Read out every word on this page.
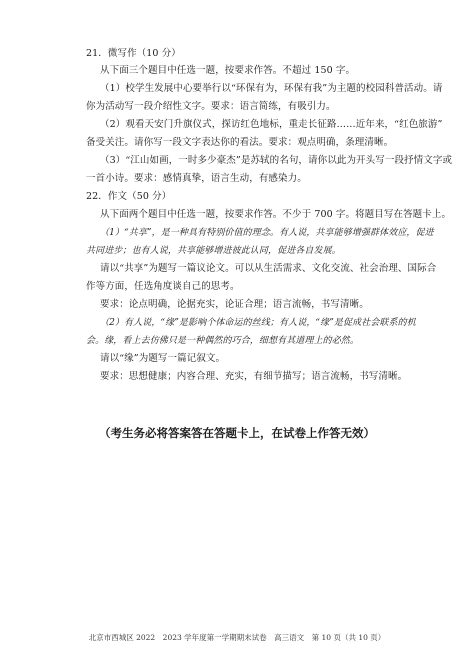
21．微写作（10 分）
从下面三个题目中任选一题，按要求作答。不超过 150 字。
（1）校学生发展中心要举行以“环保有为，环保有我”为主题的校园科普活动。请
你为活动写一段介绍性文字。要求：语言简练，有吸引力。
（2）观看天安门升旗仪式，探访红色地标，重走长征路……近年来，“红色旅游”
备受关注。请你写一段文字表达你的看法。要求：观点明确，条理清晰。
（3）“江山如画，一时多少豪杰”是苏轼的名句，请你以此为开头写一段抒情文字或
一首小诗。要求：感情真挚，语言生动，有感染力。
22．作文（50 分）
从下面两个题目中任选一题，按要求作答。不少于 700 字。将题目写在答题卡上。
（1）“共享”，是一种具有特别价值的理念。有人说，共享能够增强群体效应，促进
共同进步；也有人说，共享能够增进彼此认同，促进各自发展。
请以“共享”为题写一篇议论文。可以从生活需求、文化交流、社会治理、国际合
作等方面，任选角度谈自己的思考。
要求：论点明确，论据充实，论证合理；语言流畅，书写清晰。
（2）有人说，“缘”是影响个体命运的丝线；有人说，“缘”是促成社会联系的机
会。缘，看上去仿佛只是一种偶然的巧合，细想有其道理上的必然。
请以“缘”为题写一篇记叙文。
要求：思想健康；内容合理、充实，有细节描写；语言流畅，书写清晰。
（考生务必将答案答在答题卡上，在试卷上作答无效）
北京市西城区 2022　2023 学年度第一学期期末试卷　高三语文　第 10 页（共 10 页）
